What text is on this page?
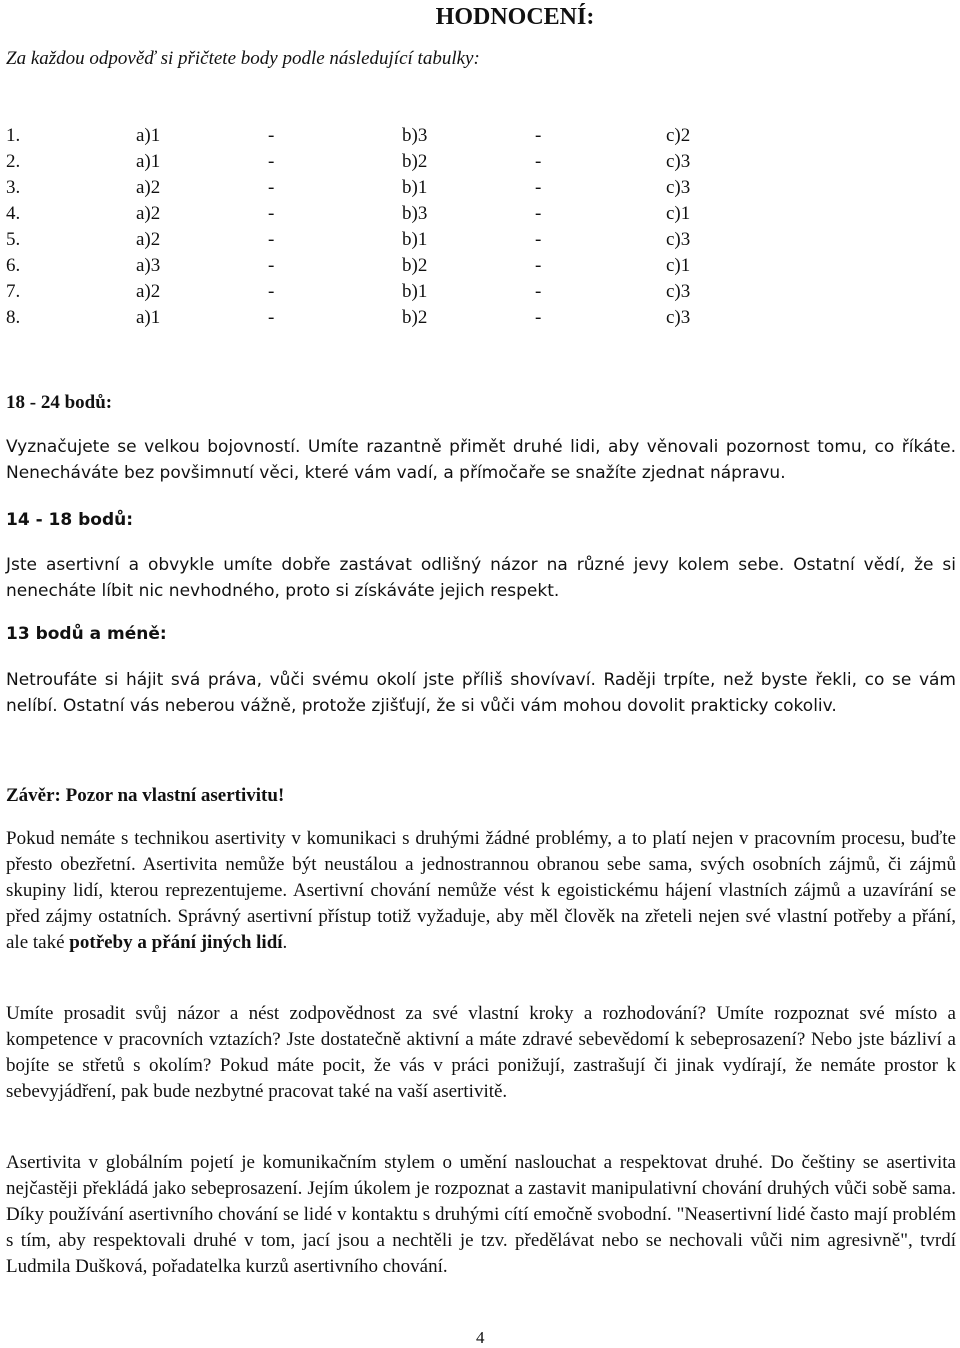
HODNOCENÍ:
Za každou odpověď si přičtete body podle následující tabulky:
1.	a)1	-	b)3	-	c)2
2.	a)1	-	b)2	-	c)3
3.	a)2	-	b)1	-	c)3
4.	a)2	-	b)3	-	c)1
5.	a)2	-	b)1	-	c)3
6.	a)3	-	b)2	-	c)1
7.	a)2	-	b)1	-	c)3
8.	a)1	-	b)2	-	c)3
18 - 24 bodů:
Vyznačujete se velkou bojovností. Umíte razantně přimět druhé lidi, aby věnovali pozornost tomu, co říkáte. Nenecháváte bez povšimnutí věci, které vám vadí, a přímočaře se snažíte zjednat nápravu.
14 - 18 bodů:
Jste asertivní a obvykle umíte dobře zastávat odlišný názor na různé jevy kolem sebe. Ostatní vědí, že si nenecháte líbit nic nevhodného, proto si získáváte jejich respekt.
13 bodů a méně:
Netroufáte si hájit svá práva, vůči svému okolí jste příliš shovívaví. Raději trpíte, než byste řekli, co se vám nelíbí. Ostatní vás neberou vážně, protože zjišťují, že si vůči vám mohou dovolit prakticky cokoliv.
Závěr: Pozor na vlastní asertivitu!
Pokud nemáte s technikou asertivity v komunikaci s druhými žádné problémy, a to platí nejen v pracovním procesu, buďte přesto obezřetní. Asertivita nemůže být neustálou a jednostrannou obranou sebe sama, svých osobních zájmů, či zájmů skupiny lidí, kterou reprezentujeme. Asertivní chování nemůže vést k egoistickému hájení vlastních zájmů a uzavírání se před zájmy ostatních. Správný asertivní přístup totiž vyžaduje, aby měl člověk na zřeteli nejen své vlastní potřeby a přání, ale také potřeby a přání jiných lidí.
Umíte prosadit svůj názor a nést zodpovědnost za své vlastní kroky a rozhodování? Umíte rozpoznat své místo a kompetence v pracovních vztazích? Jste dostatečně aktivní a máte zdravé sebevědomí k sebeprosazení? Nebo jste bázliví a bojíte se střetů s okolím? Pokud máte pocit, že vás v práci ponižují, zastrašují či jinak vydírají, že nemáte prostor k sebevyjádření, pak bude nezbytné pracovat také na vaší asertivitě.
Asertivita v globálním pojetí je komunikačním stylem o umění naslouchat a respektovat druhé. Do češtiny se asertivita nejčastěji překládá jako sebeprosazení. Jejím úkolem je rozpoznat a zastavit manipulativní chování druhých vůči sobě sama. Díky používání asertivního chování se lidé v kontaktu s druhými cítí emočně svobodní. "Neasertivní lidé často mají problém s tím, aby respektovali druhé v tom, jací jsou a nechtěli je tzv. předělávat nebo se nechovali vůči nim agresivně", tvrdí Ludmila Dušková, pořadatelka kurzů asertivního chování.
4
